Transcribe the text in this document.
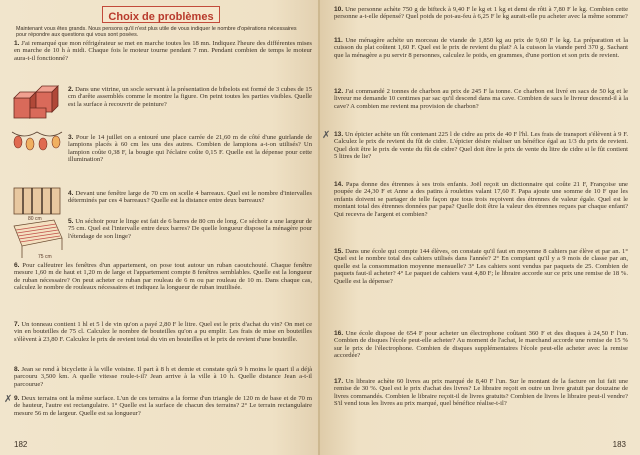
Choix de problèmes
Maintenant vous êtes grands. Nous pensons qu'il n'est plus utile de vous indiquer le nombre d'opérations nécessaires pour répondre aux questions qui vous sont posées.
1. J'ai remarqué que mon réfrigérateur se met en marche toutes les 18 mn. Indiquez l'heure des différentes mises en marche de 10 h à midi. Chaque fois le moteur tourne pendant 7 mn. Pendant combien de temps le moteur aura-t-il fonctionné?
2. Dans une vitrine, un socle servant à la présentation de bibelots est formé de 3 cubes de 15 cm d'arête assemblés comme le montre la figure. On peint toutes les parties visibles. Quelle est la surface à recouvrir de peinture?
3. Pour le 14 juillet on a entouré une place carrée de 21,60 m de côté d'une guirlande de lampions placés à 60 cm les uns des autres. Combien de lampions a-t-on utilisés? Un lampion coûte 0,38 F, la bougie qui l'éclaire coûte 0,15 F. Quelle est la dépense pour cette illumination?
4. Devant une fenêtre large de 70 cm on scelle 4 barreaux. Quel est le nombre d'intervalles déterminés par ces 4 barreaux? Quelle est la distance entre deux barreaux?
80 cm
75 cm
5. Un séchoir pour le linge est fait de 6 barres de 80 cm de long. Ce séchoir a une largeur de 75 cm. Quel est l'intervalle entre deux barres? De quelle longueur dispose la ménagère pour l'étendage de son linge?
6. Pour calfeutrer les fenêtres d'un appartement, on pose tout autour un ruban caoutchouté. Chaque fenêtre mesure 1,60 m de haut et 1,20 m de large et l'appartement compte 8 fenêtres semblables. Quelle est la longueur de ruban nécessaire? On peut acheter ce ruban par rouleau de 6 m ou par rouleau de 10 m. Dans chaque cas, calculez le nombre de rouleaux nécessaires et indiquez la longueur de ruban inutilisée.
7. Un tonneau contient 1 hl et 5 l de vin qu'on a payé 2,80 F le litre. Quel est le prix d'achat du vin? On met ce vin en bouteilles de 75 cl. Calculez le nombre de bouteilles qu'on a pu emplir. Les frais de mise en bouteilles s'élèvent à 23,80 F. Calculez le prix de revient total du vin en bouteilles et le prix de revient d'une bouteille.
8. Jean se rend à bicyclette à la ville voisine. Il part à 8 h et demie et constate qu'à 9 h moins le quart il a déjà parcouru 3,500 km. A quelle vitesse roule-t-il? Jean arrive à la ville à 10 h. Quelle distance Jean a-t-il parcourue?
✗ 9. Deux terrains ont la même surface. L'un de ces terrains a la forme d'un triangle de 120 m de base et de 70 m de hauteur, l'autre est rectangulaire. 1° Quelle est la surface de chacun des terrains? 2° Le terrain rectangulaire mesure 56 m de largeur. Quelle est sa longueur?
182
10. Une personne achète 750 g de bifteck à 9,40 F le kg et 1 kg et demi de rôti à 7,80 F le kg. Combien cette personne a-t-elle dépensé? Quel poids de pot-au-feu à 6,25 F le kg aurait-elle pu acheter avec la même somme?
11. Une ménagère achète un morceau de viande de 1,850 kg au prix de 9,60 F le kg. La préparation et la cuisson du plat coûtent 1,60 F. Quel est le prix de revient du plat? A la cuisson la viande perd 370 g. Sachant que la ménagère a pu servir 8 personnes, calculez le poids, en grammes, d'une portion et son prix de revient.
12. J'ai commandé 2 tonnes de charbon au prix de 245 F la tonne. Ce charbon est livré en sacs de 50 kg et le livreur me demande 10 centimes par sac qu'il descend dans ma cave. Combien de sacs le livreur descend-il à la cave? A combien me revient ma provision de charbon?
✗ 13. Un épicier achète un fût contenant 225 l de cidre au prix de 40 F l'hl. Les frais de transport s'élèvent à 9 F. Calculez le prix de revient du fût de cidre. L'épicier désire réaliser un bénéfice égal au 1/3 du prix de revient. Quel doit être le prix de vente du fût de cidre? Quel doit être le prix de vente du litre de cidre si le fût contient 5 litres de lie?
14. Papa donne des étrennes à ses trois enfants. Joël reçoit un dictionnaire qui coûte 21 F, Françoise une poupée de 24,30 F et Anne a des patins à roulettes valant 17,60 F. Papa ajoute une somme de 10 F que les enfants doivent se partager de telle façon que tous trois reçoivent des étrennes de valeur égale. Quel est le montant total des étrennes données par papa? Quelle doit être la valeur des étrennes reçues par chaque enfant? Qui recevra de l'argent et combien?
15. Dans une école qui compte 144 élèves, on constate qu'il faut en moyenne 8 cahiers par élève et par an. 1° Quel est le nombre total des cahiers utilisés dans l'année? 2° En comptant qu'il y a 9 mois de classe par an, quelle est la consommation moyenne mensuelle? 3° Les cahiers sont vendus par paquets de 25. Combien de paquets faut-il acheter? 4° Le paquet de cahiers vaut 4,80 F; le libraire accorde sur ce prix une remise de 18 %. Quelle est la dépense?
16. Une école dispose de 654 F pour acheter un électrophone coûtant 360 F et des disques à 24,50 F l'un. Combien de disques l'école peut-elle acheter? Au moment de l'achat, le marchand accorde une remise de 15 % sur le prix de l'électrophone. Combien de disques supplémentaires l'école peut-elle acheter avec la remise accordée?
17. Un libraire achète 60 livres au prix marqué de 8,40 F l'un. Sur le montant de la facture on lui fait une remise de 30 %. Quel est le prix d'achat des livres? Le libraire reçoit en outre un livre gratuit par douzaine de livres commandés. Combien le libraire reçoit-il de livres gratuits? Combien de livres le libraire peut-il vendre? S'il vend tous les livres au prix marqué, quel bénéfice réalise-t-il?
183
